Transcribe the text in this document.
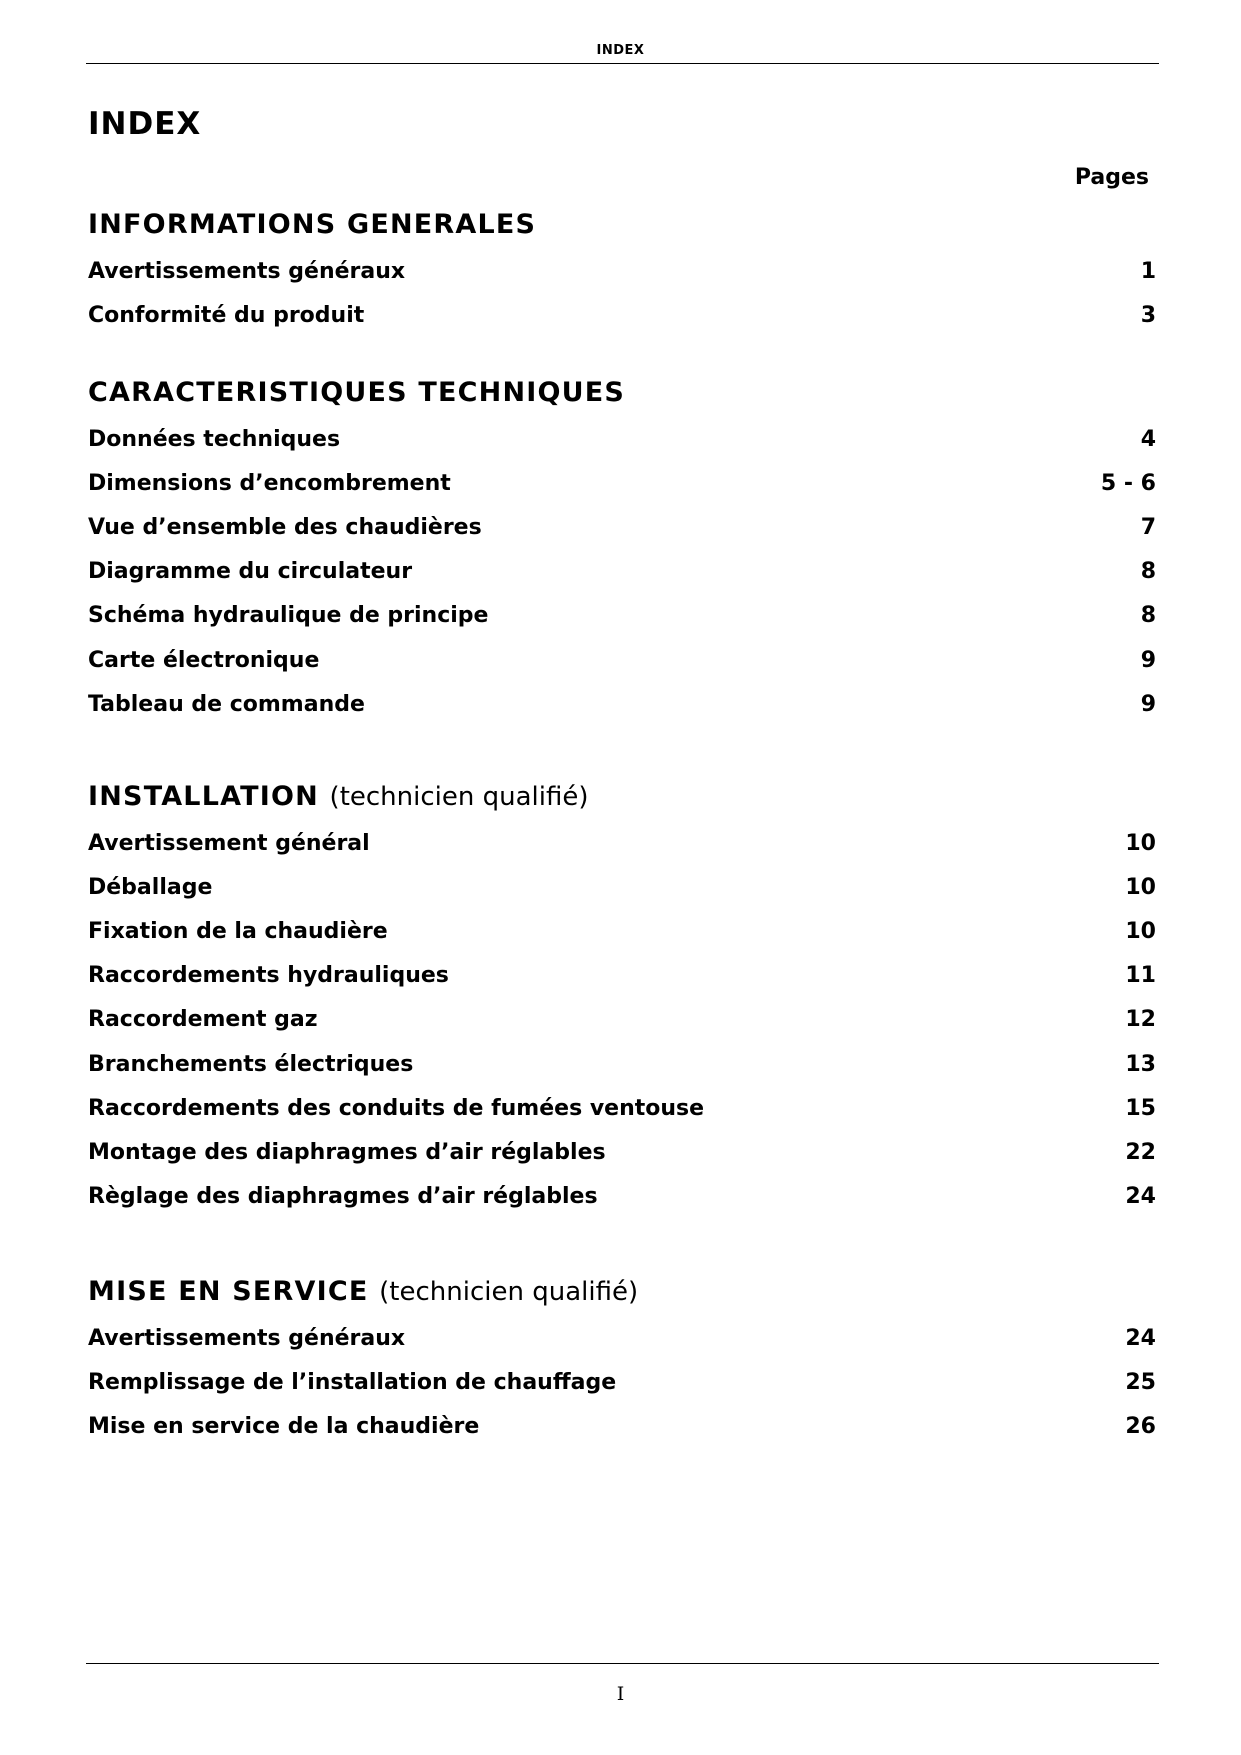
INDEX
INDEX
Pages
INFORMATIONS GENERALES
Avertissements généraux	1
Conformité du produit	3
CARACTERISTIQUES TECHNIQUES
Données techniques	4
Dimensions d’encombrement	5 - 6
Vue d’ensemble des chaudières	7
Diagramme du circulateur	8
Schéma hydraulique de principe	8
Carte électronique	9
Tableau de commande	9
INSTALLATION (technicien qualifié)
Avertissement général	10
Déballage	10
Fixation de la chaudière	10
Raccordements hydrauliques	11
Raccordement gaz	12
Branchements électriques	13
Raccordements des conduits de fumées ventouse	15
Montage des diaphragmes d’air réglables	22
Règlage des diaphragmes d’air réglables	24
MISE EN SERVICE (technicien qualifié)
Avertissements généraux	24
Remplissage de l’installation de chauffage	25
Mise en service de la chaudière	26
I
